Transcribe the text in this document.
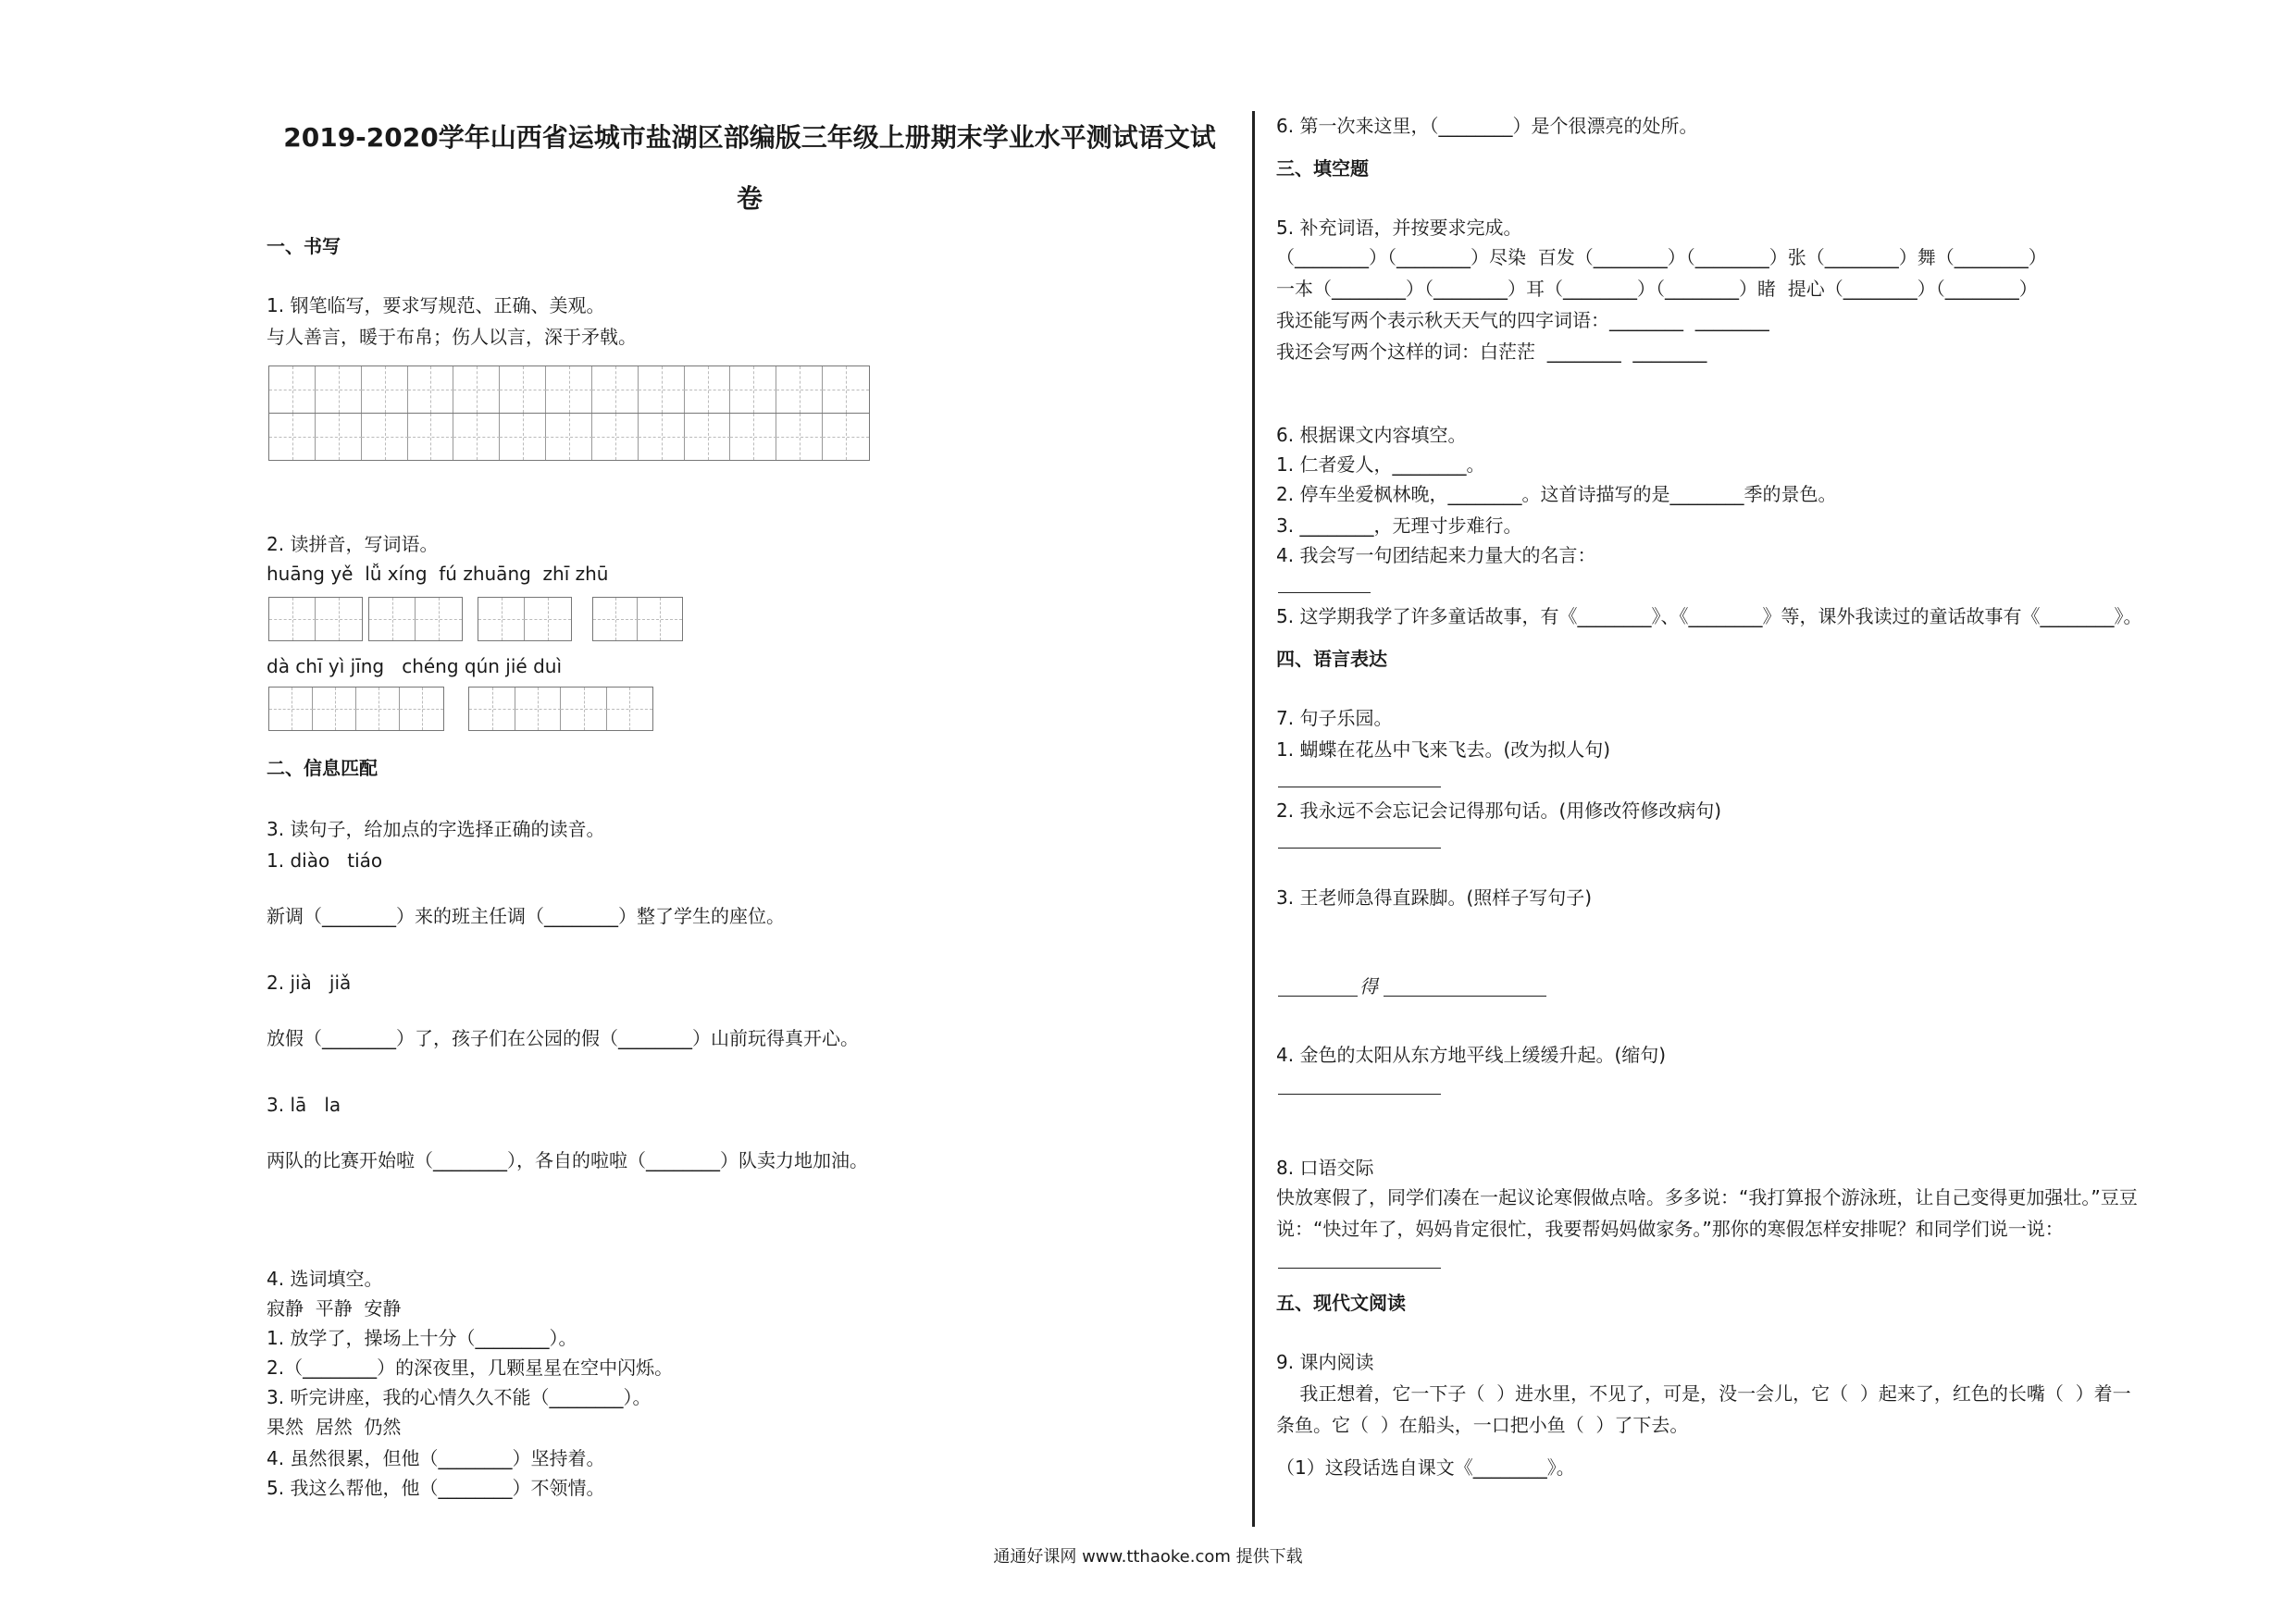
2019-2020学年山西省运城市盐湖区部编版三年级上册期末学业水平测试语文试
卷
一、书写
1. 钢笔临写，要求写规范、正确、美观。
与人善言，暖于布帛；伤人以言，深于矛戟。
2. 读拼音，写词语。
huāng yě  lǚ xíng  fú zhuāng  zhī zhū
dà chī yì jīng   chéng qún jié duì
二、信息匹配
3. 读句子，给加点的字选择正确的读音。
1. diào   tiáo
新调（________）来的班主任调（________）整了学生的座位。
2. jià   jiǎ
放假（________）了，孩子们在公园的假（________）山前玩得真开心。
3. lā   la
两队的比赛开始啦（________），各自的啦啦（________）队卖力地加油。
4. 选词填空。
寂静  平静  安静
1. 放学了，操场上十分（________）。
2.（________）的深夜里，几颗星星在空中闪烁。
3. 听完讲座，我的心情久久不能（________）。
果然  居然  仍然
4. 虽然很累，但他（________）坚持着。
5. 我这么帮他，他（________）不领情。
6. 第一次来这里，（________）是个很漂亮的处所。
三、填空题
5. 补充词语，并按要求完成。
（________）（________）尽染  百发（________）（________）张（________）舞（________）
一本（________）（________）耳（________）（________）睹  提心（________）（________）
我还能写两个表示秋天天气的四字词语：________  ________
我还会写两个这样的词：白茫茫  ________  ________
6. 根据课文内容填空。
1. 仁者爱人，________。
2. 停车坐爱枫林晚，________。这首诗描写的是________季的景色。
3. ________，无理寸步难行。
4. 我会写一句团结起来力量大的名言：
5. 这学期我学了许多童话故事，有《________》、《________》等，课外我读过的童话故事有《________》。
四、语言表达
7. 句子乐园。
1. 蝴蝶在花丛中飞来飞去。(改为拟人句)
2. 我永远不会忘记会记得那句话。(用修改符修改病句)
3. 王老师急得直跺脚。(照样子写句子)
得
4. 金色的太阳从东方地平线上缓缓升起。(缩句)
8. 口语交际
快放寒假了，同学们凑在一起议论寒假做点啥。多多说：“我打算报个游泳班，让自己变得更加强壮。”豆豆
说：“快过年了，妈妈肯定很忙，我要帮妈妈做家务。”那你的寒假怎样安排呢？和同学们说一说：
五、现代文阅读
9. 课内阅读
我正想着，它一下子（  ）进水里，不见了，可是，没一会儿，它（  ）起来了，红色的长嘴（  ）着一
条鱼。它（  ）在船头，一口把小鱼（  ）了下去。
（1）这段话选自课文《________》。
通通好课网 www.tthaoke.com 提供下载
